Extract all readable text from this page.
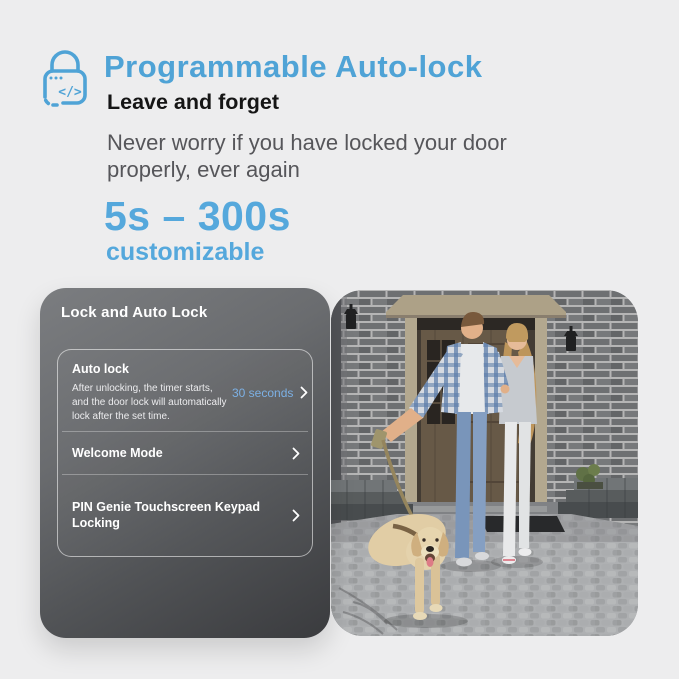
</>
Programmable Auto-lock
Leave and forget
Never worry if you have locked your door properly, ever again
5s – 300s
customizable
Lock and Auto Lock
Auto lock
After unlocking, the timer starts, and the door lock will automatically lock after the set time.
30 seconds
Welcome Mode
PIN Genie Touchscreen Keypad Locking
